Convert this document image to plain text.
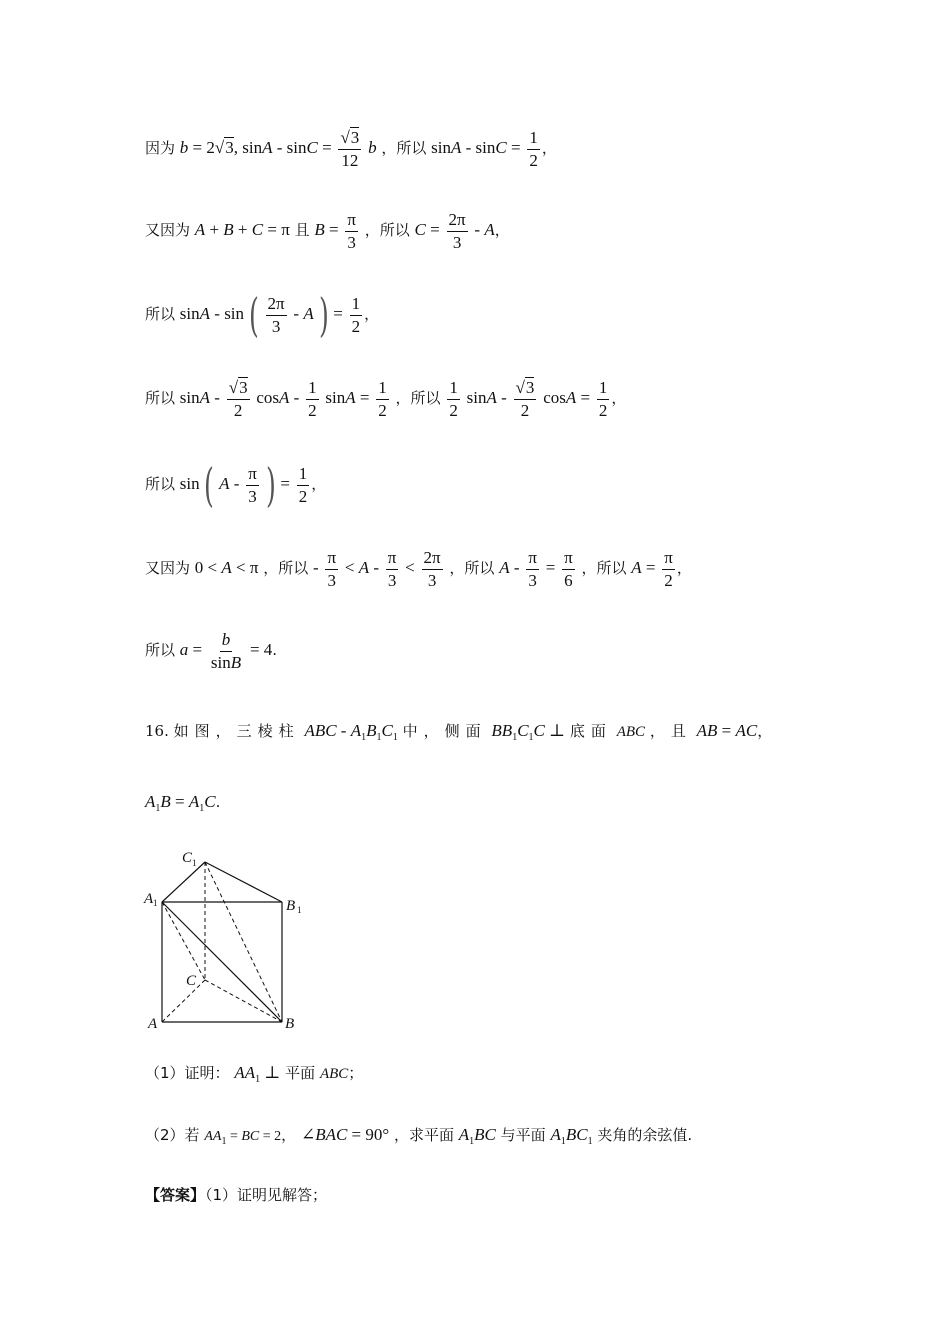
因为 b = 2√3, $\sin A - \sin C = \frac{√3}{12}$ b ，所以 $\sin A - \sin C = \frac{1}{2}$ ，
又因为 A + B + C = π 且 $B = \frac{\pi}{3}$ ，所以 $C = \frac{2\pi}{3} - A$，
所以 sinA - sin ( $\frac{2\pi}{3}$ - A ) = $\frac{1}{2}$ ，
所以 sinA - $\frac{√3}{2}$ cosA - $\frac{1}{2}$ $\sin A = \frac{1}{2}$ ，所以 $\frac{1}{2}$ sinA - $\frac{√3}{2}$ $\cos A = \frac{1}{2}$ ，
所以 sin ( A - $\frac{\pi}{3}$ ) = $\frac{1}{2}$ ，
又因为 0 < A < π ，所以 - $\frac{\pi}{3} < A - \frac{\pi}{3} < \frac{2\pi}{3}$ ，所以 $A - \frac{\pi}{3} = \frac{\pi}{6}$ ，所以 $A = \frac{\pi}{2}$ ，
所以 $a = \frac{b}{\sin B} = 4$.
16. 如图，三棱柱 ABC - $A_1B_1C_1$ 中，侧面 $BB_1C_1C$ ⊥ 底面 ABC ，且 AB = AC，
$A_1B = A_1C$.
C 1
A 1	B 1
C
A	B
（1）证明： $AA_1$ ⊥ 平面 ABC；
（2）若 $AA_1$ = BC = 2， ∠BAC = 90° ，求平面 $A_1BC$ 与平面 $A_1BC_1$ 夹角的余弦值.
【答案】（1）证明见解答；
